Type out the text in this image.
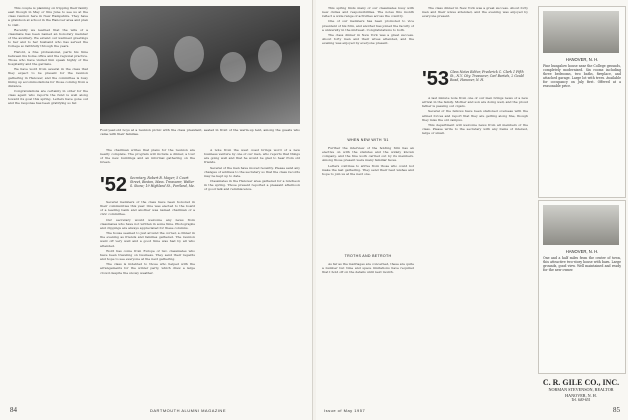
This couple is planning on tripping their family east though in May or this June to see us at the class reunion here in New Hampshire. They have a grandson at school in the Hanover area and plan to visit.

Recently we learned that the wife of a classmate has been named an honorary member of the auxiliary. We extend our warmest greetings to her and to her husband who has served the College so faithfully through the years.

Harold, a fine professional, parts his time between his home office and the regional practice. Those who have visited him speak highly of the hospitality and the gardens.

We have word from several in the class that they expect to be present for the reunion gathering in Hanover, and the committee is busy lining up accommodations for those coming from a distance.

Congratulations are certainly in order for the class agent who reports the fund is well along toward its goal this spring. Letters have gone out and the response has been gratifying so far.

Four-year-old boys at a reunion picnic with the class president, seated in front of the warm-up tent, among the guests who came with their families.

The chairman writes that plans for the reunion are nearly complete. The program will include a dinner, a tour of the new buildings and an informal gathering on the Green.

'52 Secretary, Robert B. Mayer; 5 Court Street, Boston, Mass. Treasurer, Walter S. Stone; 19 Highland St., Portland, Me.

Several members of the class have been honored in their communities this year. One was elected to the board of a leading bank and another was named chairman of a civic committee.

Our secretary would welcome any news from classmates who have not written in some time. Photographs and clippings are always appreciated for these columns.

The house seemed to just around the corner, a dinner in the evening as friends and families gathered. The reunion went off very well and a good time was had by all who attended.

Word has come from Europe of two classmates who have been traveling on business. They send their regards and hope to see everyone at the next gathering.

The class is indebted to those who helped with the arrangements for the winter party, which drew a large crowd despite the snowy weather.

A note from the west coast brings word of a new business venture by one of our men, who reports that things are going well and that he would be glad to hear from old friends.

Several of the men have moved recently. Please send any changes of address to the secretary so that the class records may be kept up to date.

Classmates in the Hanover area gathered for a luncheon in the spring. Those present reported a pleasant afternoon of good talk and reminiscence.

84	DARTMOUTH ALUMNI MAGAZINE

This spring finds many of our classmates busy with new duties and responsibilities. The notes this month reflect a wide range of activities across the country.

One of our members has been promoted to vice president of his firm, and another has joined the faculty of a university in the midwest. Congratulations to both.

The class dinner in New York was a great success. About forty men and their wives attended, and the evening was enjoyed by everyone present.

WHEN NEW WITH '51

Further the interview of the holding firm has an elective on with the statutes and the widely known company, and the fine work carried out by its members. Among those present were many familiar faces.

Letters continue to arrive from those who could not make the last gathering. They send their best wishes and hope to join us at the next one.

TROTHS AND BETROTH

As far as the marriages are concerned, these are quite a number but time and space limitations have required that I hold off on the details until next month.

'53 Class Notes Editor, Frederick C. Clark 1 Fifth St., N.Y. City. Treasurer, Carl Bartels, 2 Gould Road, Hanover, N. H.

The class dinner in New York was a great success. About forty men and their wives attended, and the evening was enjoyed by everyone present.

A last minute note from one of our men brings news of a new arrival in the family. Mother and son are doing well, and the proud father is passing out cigars.

Several of the fellows have been stationed overseas with the armed forces and report that they are getting along fine, though they miss the old campus.

This department will welcome news from all members of the class. Please write to the secretary with any items of interest, large or small.

HANOVER, N. H.
Fine bungalow house near the College grounds, completely modernized. Six rooms including three bedrooms, two baths, fireplace, and attached garage. Large lot with trees. Available for occupancy on July first. Offered at a reasonable price.
HANOVER, N. H.
One and a half miles from the center of town, this attractive two-story house with barn. Large grounds, good view. Well maintained and ready for the new owner.
C. R. GILE CO., INC.
NORMAN STEVENSON, REALTOR
HANOVER, N. H.
Tel. 640-651
Issue of May 1957	85
